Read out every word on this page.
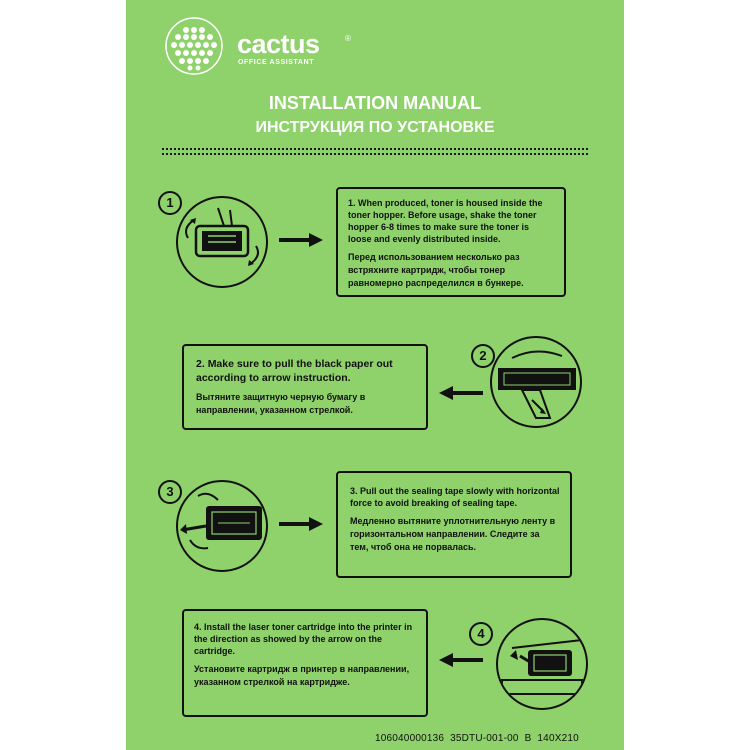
cactus	®
OFFICE ASSISTANT
INSTALLATION MANUAL
ИНСТРУКЦИЯ ПО УСТАНОВКЕ
1	1. When produced, toner is housed inside the toner hopper. Before usage, shake the toner hopper 6-8 times to make sure the toner is loose and evenly distributed inside.
Перед использованием несколько раз встряхните картридж, чтобы тонер равномерно распределился в бункере.
2. Make sure to pull the black paper out according to arrow instruction.
Вытяните защитную черную бумагу в направлении, указанном стрелкой.
2
3	3. Pull out the sealing tape slowly with horizontal force to avoid breaking of sealing tape.
Медленно вытяните уплотнительную ленту в горизонтальном направлении. Следите за тем, чтоб она не порвалась.
4. Install the laser toner cartridge into the printer in the direction as showed by the arrow on the cartridge.
Установите картридж в принтер в направлении, указанном стрелкой на картридже.
4
106040000136  35DTU-001-00  B  140X210
